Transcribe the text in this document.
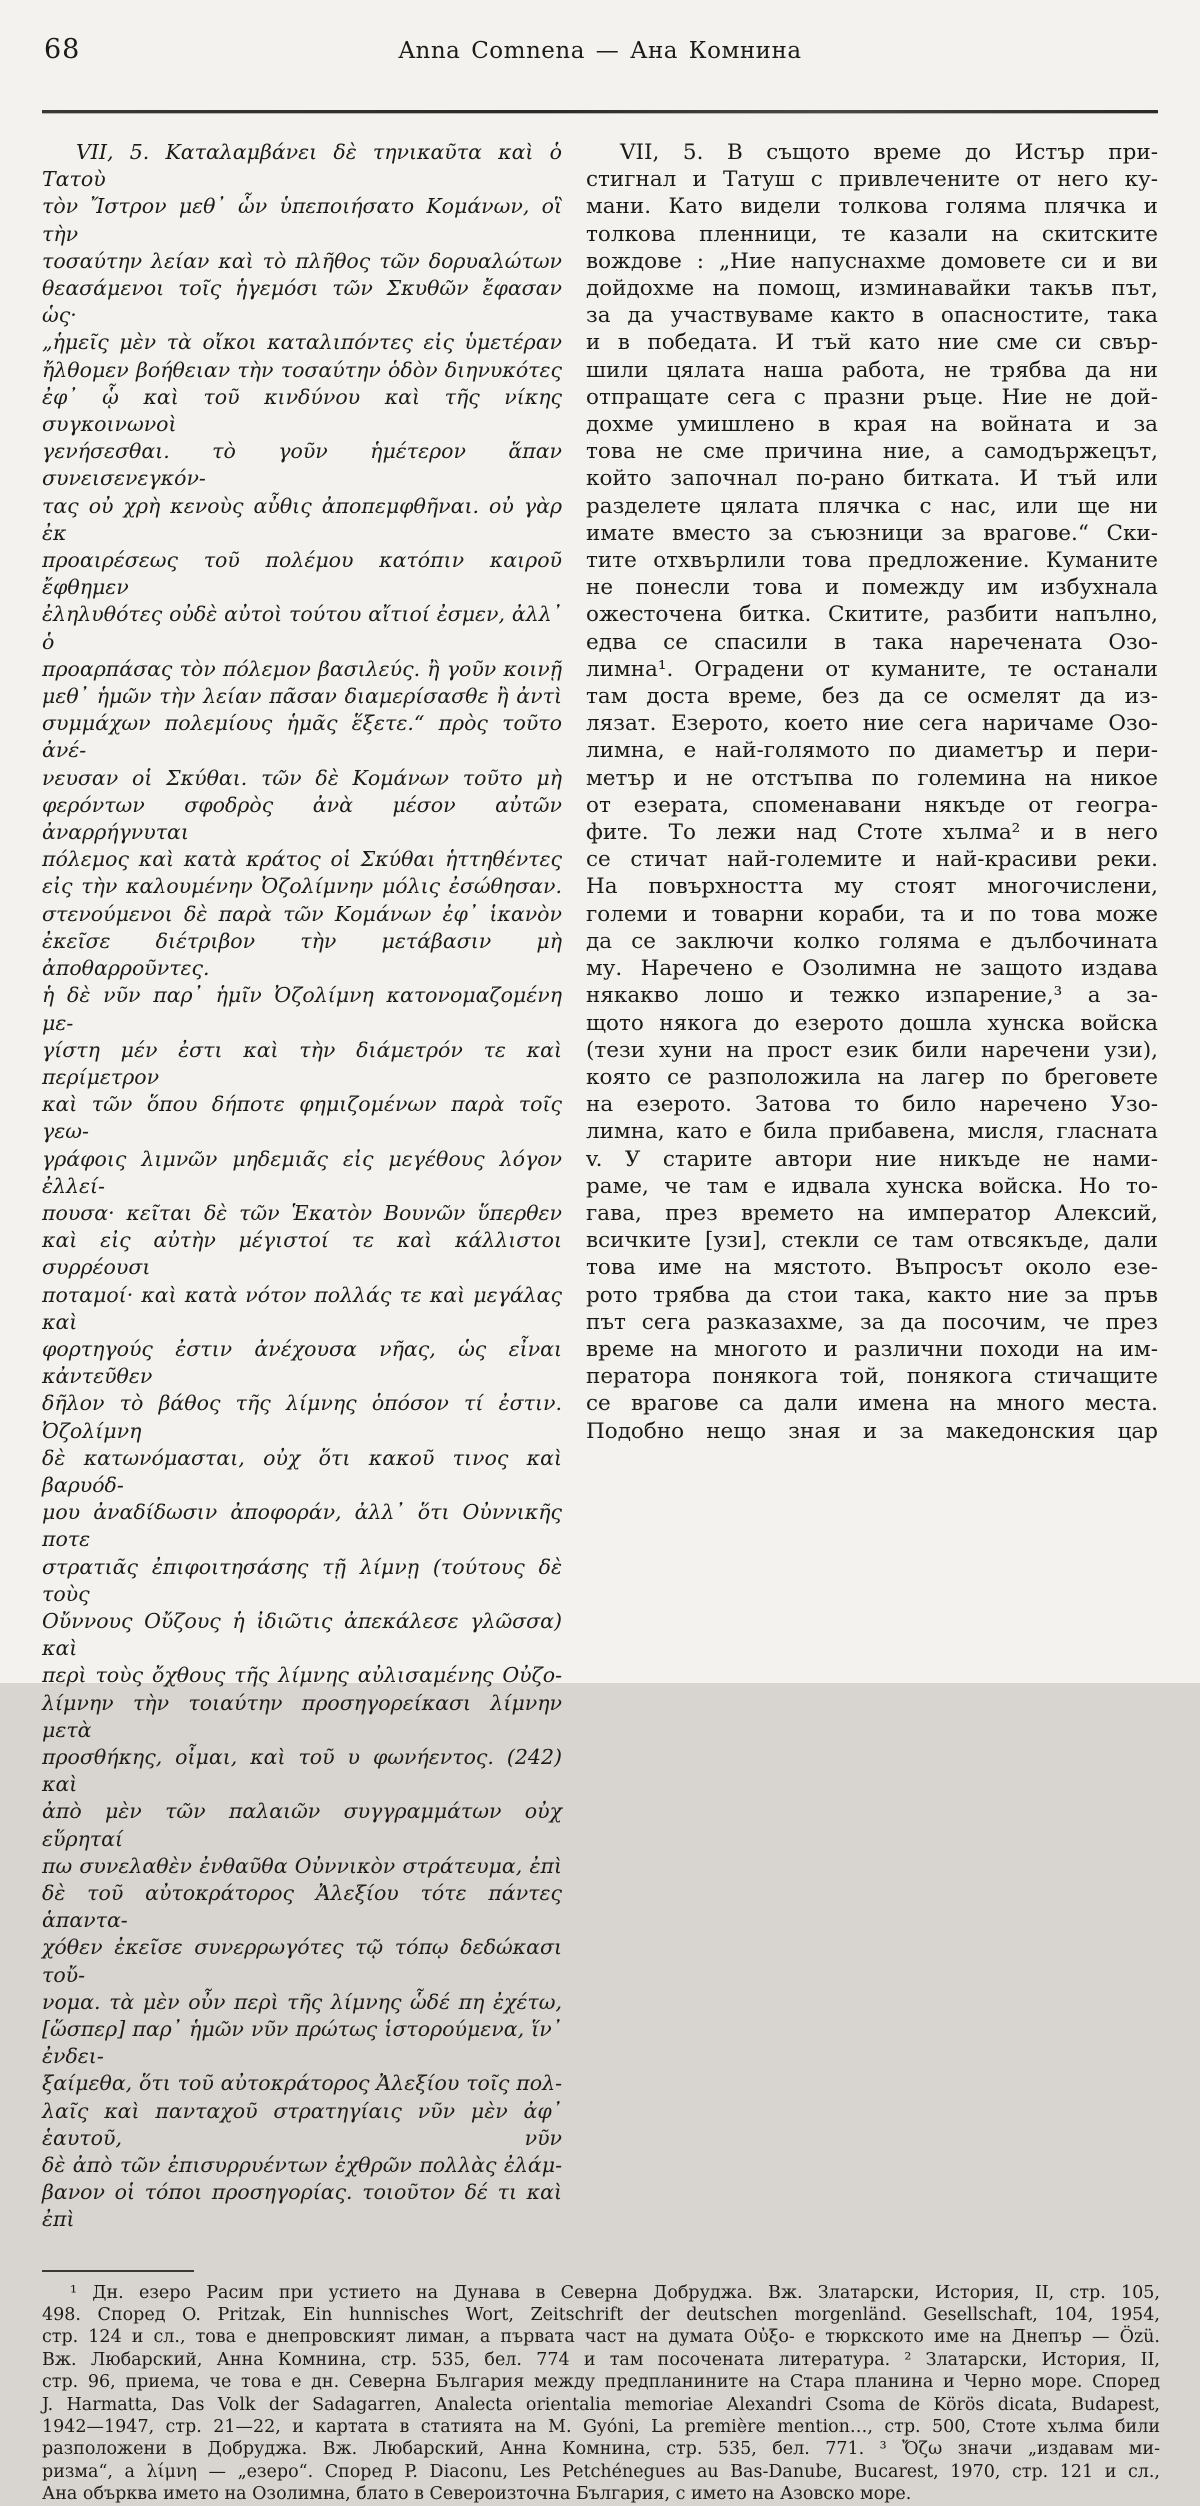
68	Anna Comnena — Ана Комнина
VII, 5. Καταλαμβάνει δὲ τηνικαῦτα καὶ ὁ Τατοὺ
τὸν Ἴστρον μεθ᾽ ὧν ὑπεποιήσατο Κομάνων, οἳ τὴν
τοσαύτην λείαν καὶ τὸ πλῆθος τῶν δορυαλώτων
θεασάμενοι τοῖς ἡγεμόσι τῶν Σκυθῶν ἔφασαν ὡς·
„ἡμεῖς μὲν τὰ οἴκοι καταλιπόντες εἰς ὑμετέραν
ἤλθομεν βοήθειαν τὴν τοσαύτην ὁδὸν διηνυκότες
ἐφ᾽ ᾧ καὶ τοῦ κινδύνου καὶ τῆς νίκης συγκοινωνοὶ
γενήσεσθαι. τὸ γοῦν ἡμέτερον ἅπαν συνεισενεγκόν-
τας οὐ χρὴ κενοὺς αὖθις ἀποπεμφθῆναι. οὐ γὰρ ἐκ
προαιρέσεως τοῦ πολέμου κατόπιν καιροῦ ἔφθημεν
ἐληλυθότες οὐδὲ αὐτοὶ τούτου αἴτιοί ἐσμεν, ἀλλ᾽ ὁ
προαρπάσας τὸν πόλεμον βασιλεύς. ἢ γοῦν κοινῇ
μεθ᾽ ἡμῶν τὴν λείαν πᾶσαν διαμερίσασθε ἢ ἀντὶ
συμμάχων πολεμίους ἡμᾶς ἕξετε.“ πρὸς τοῦτο ἀνέ-
νευσαν οἱ Σκύθαι. τῶν δὲ Κομάνων τοῦτο μὴ
φερόντων σφοδρὸς ἀνὰ μέσον αὐτῶν ἀναρρήγνυται
πόλεμος καὶ κατὰ κράτος οἱ Σκύθαι ἡττηθέντες
εἰς τὴν καλουμένην Ὀζολίμνην μόλις ἐσώθησαν.
στενούμενοι δὲ παρὰ τῶν Κομάνων ἐφ᾽ ἱκανὸν
ἐκεῖσε διέτριβον τὴν μετάβασιν μὴ ἀποθαρροῦντες.
ἡ δὲ νῦν παρ᾽ ἡμῖν Ὀζολίμνη κατονομαζομένη με-
γίστη μέν ἐστι καὶ τὴν διάμετρόν τε καὶ περίμετρον
καὶ τῶν ὅπου δήποτε φημιζομένων παρὰ τοῖς γεω-
γράφοις λιμνῶν μηδεμιᾶς εἰς μεγέθους λόγον ἐλλεί-
πουσα· κεῖται δὲ τῶν Ἑκατὸν Βουνῶν ὕπερθεν
καὶ εἰς αὐτὴν μέγιστοί τε καὶ κάλλιστοι συρρέουσι
ποταμοί· καὶ κατὰ νότον πολλάς τε καὶ μεγάλας καὶ
φορτηγούς ἐστιν ἀνέχουσα νῆας, ὡς εἶναι κἀντεῦθεν
δῆλον τὸ βάθος τῆς λίμνης ὁπόσον τί ἐστιν. Ὀζολίμνη
δὲ κατωνόμασται, οὐχ ὅτι κακοῦ τινος καὶ βαρυόδ-
μου ἀναδίδωσιν ἀποφοράν, ἀλλ᾽ ὅτι Οὐννικῆς ποτε
στρατιᾶς ἐπιφοιτησάσης τῇ λίμνῃ (τούτους δὲ τοὺς
Οὔννους Οὔζους ἡ ἰδιῶτις ἀπεκάλεσε γλῶσσα) καὶ
περὶ τοὺς ὄχθους τῆς λίμνης αὐλισαμένης Οὐζο-
λίμνην τὴν τοιαύτην προσηγορείκασι λίμνην μετὰ
προσθήκης, οἶμαι, καὶ τοῦ υ φωνήεντος. (242) καὶ
ἀπὸ μὲν τῶν παλαιῶν συγγραμμάτων οὐχ εὕρηταί
πω συνελαθὲν ἐνθαῦθα Οὐννικὸν στράτευμα, ἐπὶ
δὲ τοῦ αὐτοκράτορος Ἀλεξίου τότε πάντες ἁπαντα-
χόθεν ἐκεῖσε συνερρωγότες τῷ τόπῳ δεδώκασι τοὔ-
νομα. τὰ μὲν οὖν περὶ τῆς λίμνης ὧδέ πη ἐχέτω,
[ὥσπερ] παρ᾽ ἡμῶν νῦν πρώτως ἱστορούμενα, ἵν᾽ ἐνδει-
ξαίμεθα, ὅτι τοῦ αὐτοκράτορος Ἀλεξίου τοῖς πολ-
λαῖς καὶ πανταχοῦ στρατηγίαις νῦν μὲν ἀφ᾽ ἑαυτοῦ, νῦν
δὲ ἀπὸ τῶν ἐπισυρρυέντων ἐχθρῶν πολλὰς ἐλάμ-
βανον οἱ τόποι προσηγορίας. τοιοῦτον δέ τι καὶ ἐπὶ
VII, 5. В същото време до Истър при-
стигнал и Татуш с привлечените от него ку-
мани. Като видели толкова голяма плячка и
толкова пленници, те казали на скитските
вождове : „Ние напуснахме домовете си и ви
дойдохме на помощ, изминавайки такъв път,
за да участвуваме както в опасностите, така
и в победата. И тъй като ние сме си свър-
шили цялата наша работа, не трябва да ни
отпращате сега с празни ръце. Ние не дой-
дохме умишлено в края на войната и за
това не сме причина ние, а самодържецът,
който започнал по-рано битката. И тъй или
разделете цялата плячка с нас, или ще ни
имате вместо за съюзници за врагове.“ Ски-
тите отхвърлили това предложение. Куманите
не понесли това и помежду им избухнала
ожесточена битка. Скитите, разбити напълно,
едва се спасили в така наречената Озо-
лимна¹. Оградени от куманите, те останали
там доста време, без да се осмелят да из-
лязат. Езерото, което ние сега наричаме Озо-
лимна, е най-голямото по диаметър и пери-
метър и не отстъпва по големина на никое
от езерата, споменавани някъде от геогра-
фите. То лежи над Стоте хълма² и в него
се стичат най-големите и най-красиви реки.
На повърхността му стоят многочислени,
големи и товарни кораби, та и по това може
да се заключи колко голяма е дълбочината
му. Наречено е Озолимна не защото издава
някакво лошо и тежко изпарение,³ а за-
щото някога до езерото дошла хунска войска
(тези хуни на прост език били наречени узи),
която се разположила на лагер по бреговете
на езерото. Затова то било наречено Узо-
лимна, като е била прибавена, мисля, гласната
v. У старите автори ние никъде не нами-
раме, че там е идвала хунска войска. Но то-
гава, през времето на император Алексий,
всичките [узи], стекли се там отвсякъде, дали
това име на мястото. Въпросът около езе-
рото трябва да стои така, както ние за пръв
път сега разказахме, за да посочим, че през
време на многото и различни походи на им-
ператора понякога той, понякога стичащите
се врагове са дали имена на много места.
Подобно нещо зная и за македонския цар
¹ Дн. езеро Расим при устието на Дунава в Северна Добруджа. Вж. Златарски, История, II, стр. 105,
498. Според O. Pritzak, Ein hunnisches Wort, Zeitschrift der deutschen morgenländ. Gesellschaft, 104, 1954,
стр. 124 и сл., това е днепровският лиман, а първата част на думата Οὐξο- е тюркското име на Днепър — Özü.
Вж. Любарский, Анна Комнина, стр. 535, бел. 774 и там посочената литература. ² Златарски, История, II,
стр. 96, приема, че това е дн. Северна България между предпланините на Стара планина и Черно море. Според
J. Harmatta, Das Volk der Sadagarren, Analecta orientalia memoriae Alexandri Csoma de Körös dicata, Budapest,
1942—1947, стр. 21—22, и картата в статията на M. Gyóni, La première mention…, стр. 500, Стоте хълма били
разположени в Добруджа. Вж. Любарский, Анна Комнина, стр. 535, бел. 771. ³ Ὄζω значи „издавам ми-
ризма“, а λίμνη — „езеро“. Според P. Diaconu, Les Petchénegues au Bas-Danube, Bucarest, 1970, стр. 121 и сл.,
Ана обърква името на Озолимна, блато в Североизточна България, с името на Азовско море.
